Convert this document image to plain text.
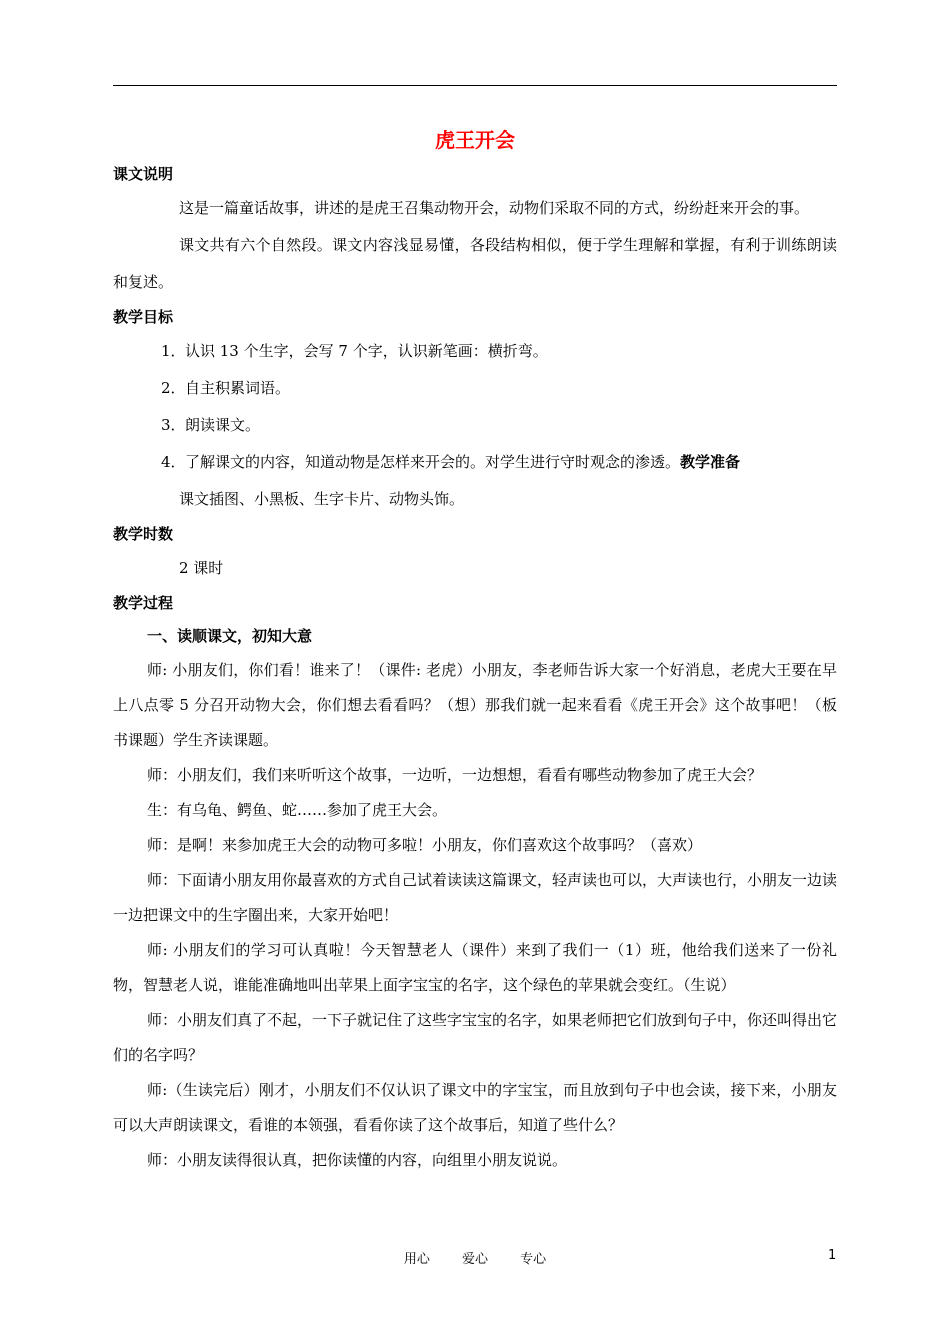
虎王开会
课文说明

这是一篇童话故事，讲述的是虎王召集动物开会，动物们采取不同的方式，纷纷赶来开会的事。

课文共有六个自然段。课文内容浅显易懂，各段结构相似，便于学生理解和掌握，有利于训练朗读和复述。

教学目标

1．认识 13 个生字，会写 7 个字，认识新笔画：横折弯。

2．自主积累词语。

3．朗读课文。

4．了解课文的内容，知道动物是怎样来开会的。对学生进行守时观念的渗透。教学准备

课文插图、小黑板、生字卡片、动物头饰。

教学时数

2 课时

教学过程
一、读顺课文，初知大意

师: 小朋友们，你们看！谁来了！（课件: 老虎）小朋友，李老师告诉大家一个好消息，老虎大王要在早上八点零 5 分召开动物大会，你们想去看看吗？（想）那我们就一起来看看《虎王开会》这个故事吧！（板书课题）学生齐读课题。

师：小朋友们，我们来听听这个故事，一边听，一边想想，看看有哪些动物参加了虎王大会？

生：有乌龟、鳄鱼、蛇……参加了虎王大会。

师：是啊！来参加虎王大会的动物可多啦！小朋友，你们喜欢这个故事吗？（喜欢）

师：下面请小朋友用你最喜欢的方式自己试着读读这篇课文，轻声读也可以，大声读也行，小朋友一边读一边把课文中的生字圈出来，大家开始吧！

师: 小朋友们的学习可认真啦！今天智慧老人（课件）来到了我们一（1）班，他给我们送来了一份礼物，智慧老人说，谁能准确地叫出苹果上面字宝宝的名字，这个绿色的苹果就会变红。（生说）

师：小朋友们真了不起，一下子就记住了这些字宝宝的名字，如果老师把它们放到句子中，你还叫得出它们的名字吗？

师:（生读完后）刚才，小朋友们不仅认识了课文中的字宝宝，而且放到句子中也会读，接下来，小朋友可以大声朗读课文，看谁的本领强，看看你读了这个故事后，知道了些什么？

师：小朋友读得很认真，把你读懂的内容，向组里小朋友说说。

用心 爱心 专心	1
